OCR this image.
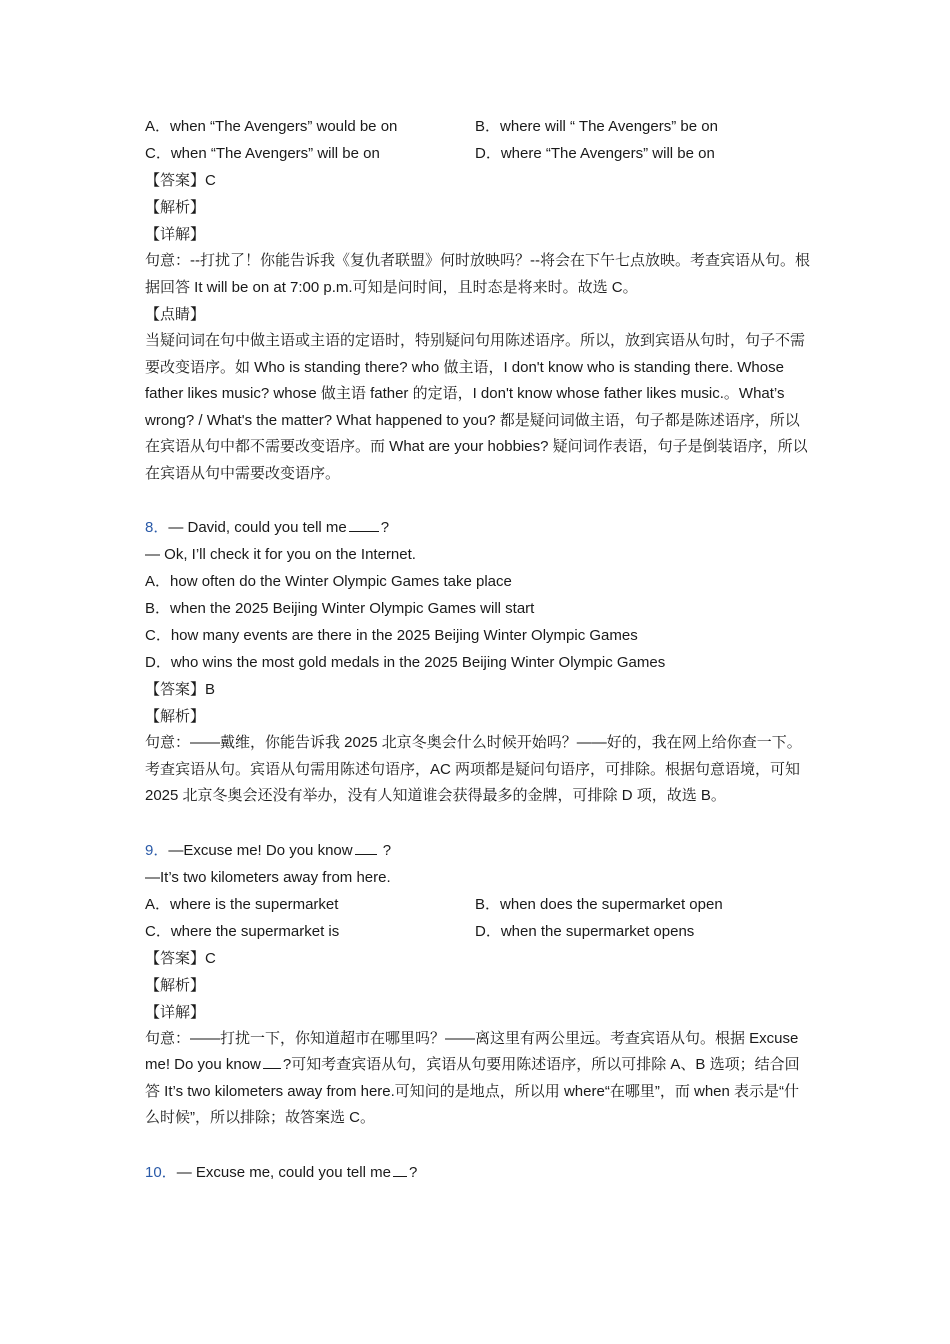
A．when “The Avengers” would be on	B．where will “ The Avengers” be on
C．when “The Avengers” will be on	D．where “The Avengers” will be on
【答案】C
【解析】
【详解】
句意：--打扰了！你能告诉我《复仇者联盟》何时放映吗？--将会在下午七点放映。考查宾语从句。根据回答 It will be on at 7:00 p.m.可知是问时间，且时态是将来时。故选 C。
【点睛】
当疑问词在句中做主语或主语的定语时，特别疑问句用陈述语序。所以，放到宾语从句时，句子不需要改变语序。如 Who is standing there? who 做主语，I don't know who is standing there. Whose father likes music? whose 做主语 father 的定语，I don't know whose father likes music.。What’s wrong? / What's the matter? What happened to you? 都是疑问词做主语，句子都是陈述语序，所以在宾语从句中都不需要改变语序。而 What are your hobbies? 疑问词作表语，句子是倒装语序，所以在宾语从句中需要改变语序。
8．— David, could you tell me ?
— Ok, I’ll check it for you on the Internet.
A．how often do the Winter Olympic Games take place
B．when the 2025 Beijing Winter Olympic Games will start
C．how many events are there in the 2025 Beijing Winter Olympic Games
D．who wins the most gold medals in the 2025 Beijing Winter Olympic Games
【答案】B
【解析】
句意：——戴维，你能告诉我 2025 北京冬奥会什么时候开始吗？——好的，我在网上给你查一下。考查宾语从句。宾语从句需用陈述句语序，AC 两项都是疑问句语序，可排除。根据句意语境，可知 2025 北京冬奥会还没有举办，没有人知道谁会获得最多的金牌，可排除 D 项，故选 B。
9．—Excuse me! Do you know ?
—It’s two kilometers away from here.
A．where is the supermarket	B．when does the supermarket open
C．where the supermarket is	D．when the supermarket opens
【答案】C
【解析】
【详解】
句意：——打扰一下，你知道超市在哪里吗？——离这里有两公里远。考查宾语从句。根据 Excuse me! Do you know ?可知考查宾语从句，宾语从句要用陈述语序，所以可排除 A、B 选项；结合回答 It’s two kilometers away from here.可知问的是地点，所以用 where“在哪里”，而 when 表示是“什么时候”，所以排除；故答案选 C。
10．— Excuse me, could you tell me ?
